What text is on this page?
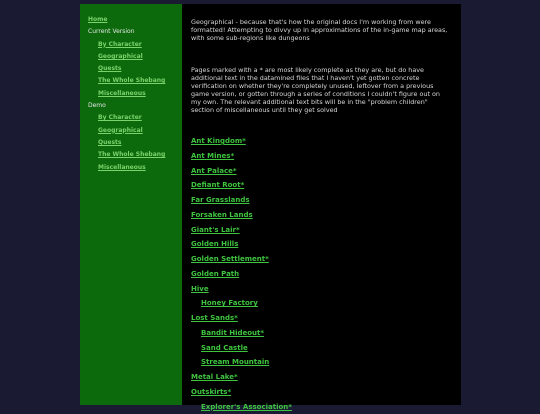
Home
Current Version
By Character
Geographical
Quests
The Whole Shebang
Miscellaneous
Demo
By Character
Geographical
Quests
The Whole Shebang
Miscellaneous

Geographical - because that's how the original docs I'm working from were formatted! Attempting to divvy up in approximations of the in-game map areas, with some sub-regions like dungeons

Pages marked with a * are most likely complete as they are, but do have additional text in the datamined files that I haven't yet gotten concrete verification on whether they're completely unused, leftover from a previous game version, or gotten through a series of conditions I couldn't figure out on my own. The relevant additional text bits will be in the "problem children" section of miscellaneous until they get solved

Ant Kingdom*
Ant Mines*
Ant Palace*
Defiant Root*
Far Grasslands
Forsaken Lands
Giant's Lair*
Golden Hills
Golden Settlement*
Golden Path
Hive
Honey Factory
Lost Sands*
Bandit Hideout*
Sand Castle
Stream Mountain
Metal Lake*
Outskirts*
Explorer's Association*
